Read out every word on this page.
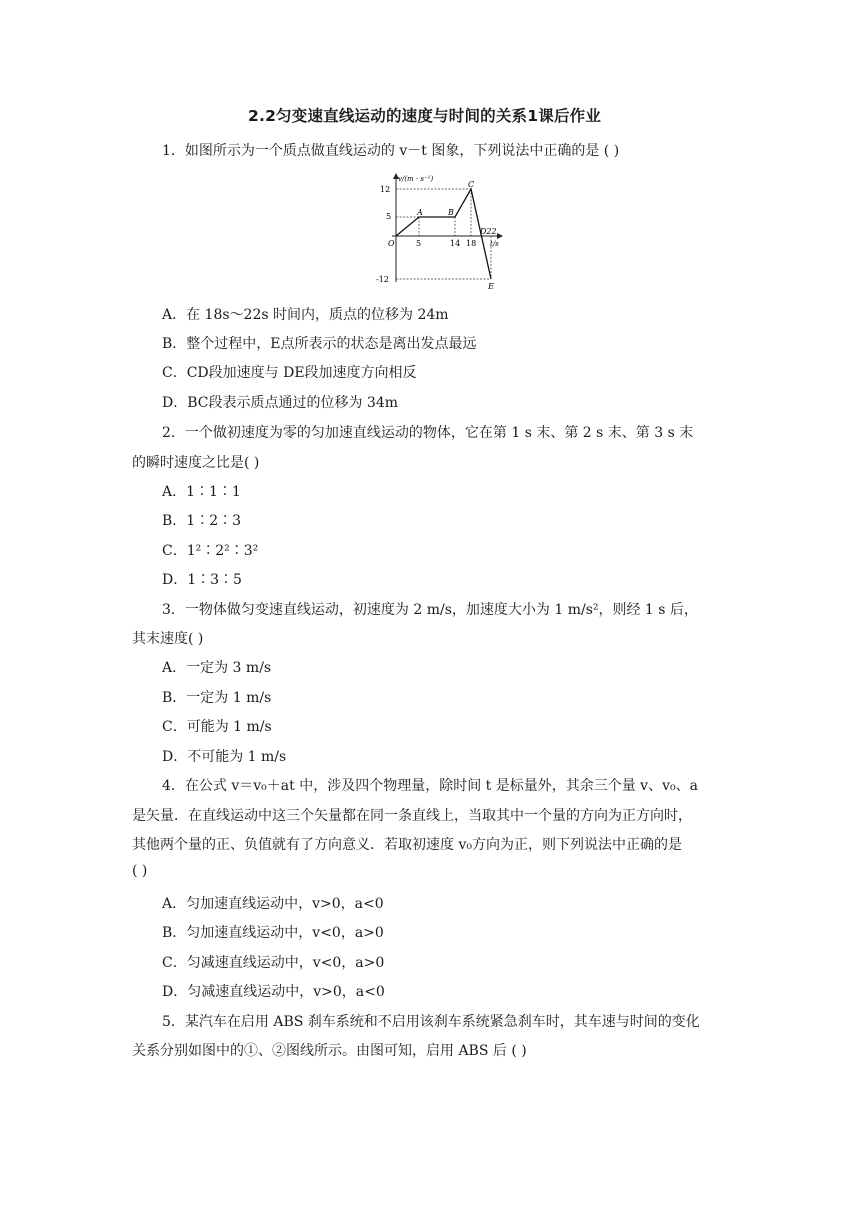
2.2匀变速直线运动的速度与时间的关系1课后作业
1．如图所示为一个质点做直线运动的 v－t 图象，下列说法中正确的是 ( )
v/(m · s⁻¹)
t/s
12
5
-12
5	14 18
O
A	B
C
D22
E
A．在 18s～22s 时间内，质点的位移为 24m
B．整个过程中，E点所表示的状态是离出发点最远
C．CD段加速度与 DE段加速度方向相反
D．BC段表示质点通过的位移为 34m
2．一个做初速度为零的匀加速直线运动的物体，它在第 1 s 末、第 2 s 末、第 3 s 末
的瞬时速度之比是( )
A．1∶1∶1
B．1∶2∶3
C．1²∶2²∶3²
D．1∶3∶5
3．一物体做匀变速直线运动，初速度为 2 m/s，加速度大小为 1 m/s²，则经 1 s 后，
其末速度( )
A．一定为 3 m/s
B．一定为 1 m/s
C．可能为 1 m/s
D．不可能为 1 m/s
4．在公式 v＝v₀＋at 中，涉及四个物理量，除时间 t 是标量外，其余三个量 v、v₀、a
是矢量．在直线运动中这三个矢量都在同一条直线上，当取其中一个量的方向为正方向时，
其他两个量的正、负值就有了方向意义．若取初速度 v₀方向为正，则下列说法中正确的是
( )
A．匀加速直线运动中，v>0，a<0
B．匀加速直线运动中，v<0，a>0
C．匀减速直线运动中，v<0，a>0
D．匀减速直线运动中，v>0，a<0
5．某汽车在启用 ABS 刹车系统和不启用该刹车系统紧急刹车时，其车速与时间的变化
关系分别如图中的①、②图线所示。由图可知，启用 ABS 后 ( )
